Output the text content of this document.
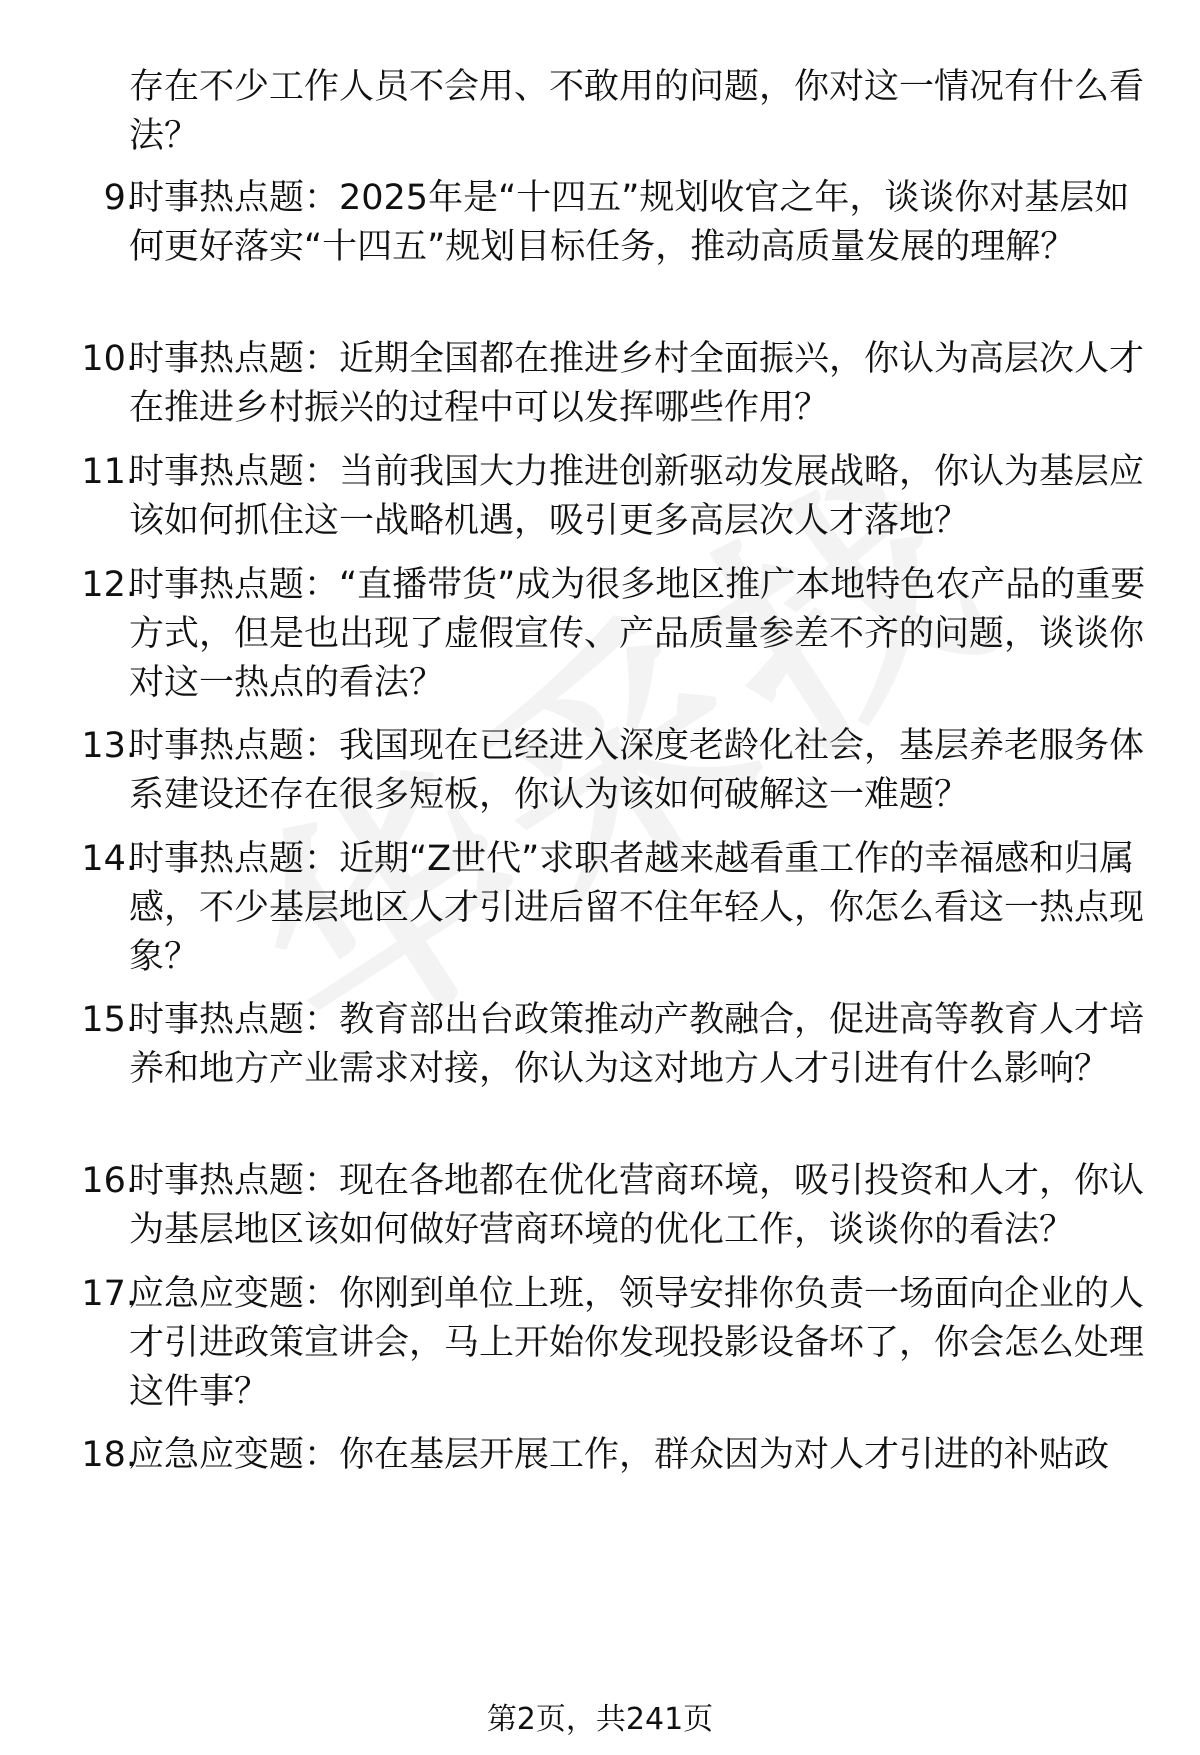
存在不少工作人员不会用、不敢用的问题，你对这一情况有什么看法？
9.
时事热点题：2025年是“十四五”规划收官之年，谈谈你对基层如何更好落实“十四五”规划目标任务，推动高质量发展的理解？
10.
时事热点题：近期全国都在推进乡村全面振兴，你认为高层次人才在推进乡村振兴的过程中可以发挥哪些作用？
11.
时事热点题：当前我国大力推进创新驱动发展战略，你认为基层应该如何抓住这一战略机遇，吸引更多高层次人才落地？
12.
时事热点题：“直播带货”成为很多地区推广本地特色农产品的重要方式，但是也出现了虚假宣传、产品质量参差不齐的问题，谈谈你对这一热点的看法？
13.
时事热点题：我国现在已经进入深度老龄化社会，基层养老服务体系建设还存在很多短板，你认为该如何破解这一难题？
14.
时事热点题：近期“Z世代”求职者越来越看重工作的幸福感和归属感，不少基层地区人才引进后留不住年轻人，你怎么看这一热点现象？
15.
时事热点题：教育部出台政策推动产教融合，促进高等教育人才培养和地方产业需求对接，你认为这对地方人才引进有什么影响？
16.
时事热点题：现在各地都在优化营商环境，吸引投资和人才，你认为基层地区该如何做好营商环境的优化工作，谈谈你的看法？
17.
应急应变题：你刚到单位上班，领导安排你负责一场面向企业的人才引进政策宣讲会，马上开始你发现投影设备坏了，你会怎么处理这件事？
18.
应急应变题：你在基层开展工作，群众因为对人才引进的补贴政
第2页，共241页
